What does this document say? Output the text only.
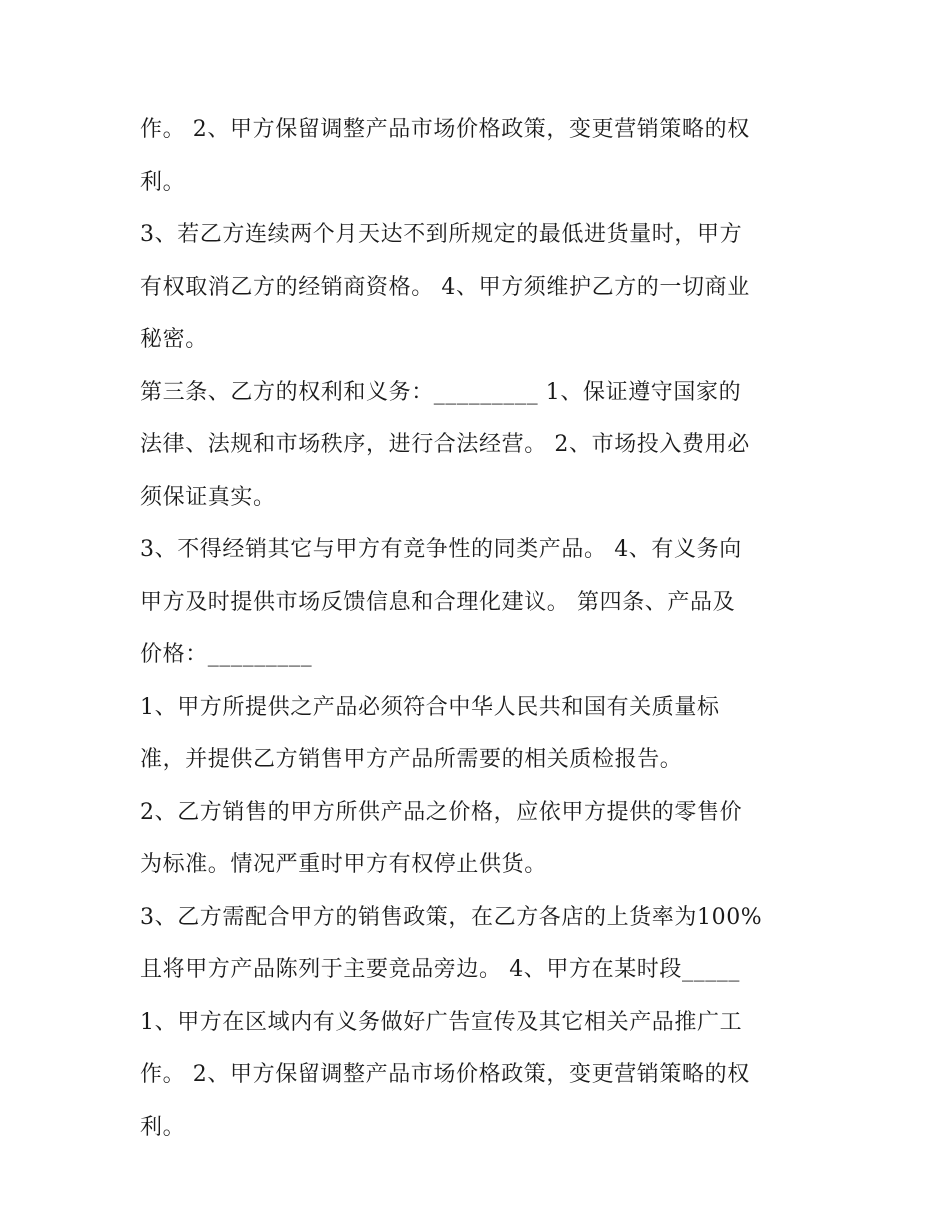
作。 2、甲方保留调整产品市场价格政策，变更营销策略的权
利。
3、若乙方连续两个月天达不到所规定的最低进货量时，甲方
有权取消乙方的经销商资格。 4、甲方须维护乙方的一切商业
秘密。
第三条、乙方的权利和义务：_________ 1、保证遵守国家的
法律、法规和市场秩序，进行合法经营。 2、市场投入费用必
须保证真实。
3、不得经销其它与甲方有竞争性的同类产品。 4、有义务向
甲方及时提供市场反馈信息和合理化建议。 第四条、产品及
价格：_________
1、甲方所提供之产品必须符合中华人民共和国有关质量标
准，并提供乙方销售甲方产品所需要的相关质检报告。
2、乙方销售的甲方所供产品之价格，应依甲方提供的零售价
为标准。情况严重时甲方有权停止供货。
3、乙方需配合甲方的销售政策，在乙方各店的上货率为100%
且将甲方产品陈列于主要竞品旁边。 4、甲方在某时段_____
1、甲方在区域内有义务做好广告宣传及其它相关产品推广工
作。 2、甲方保留调整产品市场价格政策，变更营销策略的权
利。
